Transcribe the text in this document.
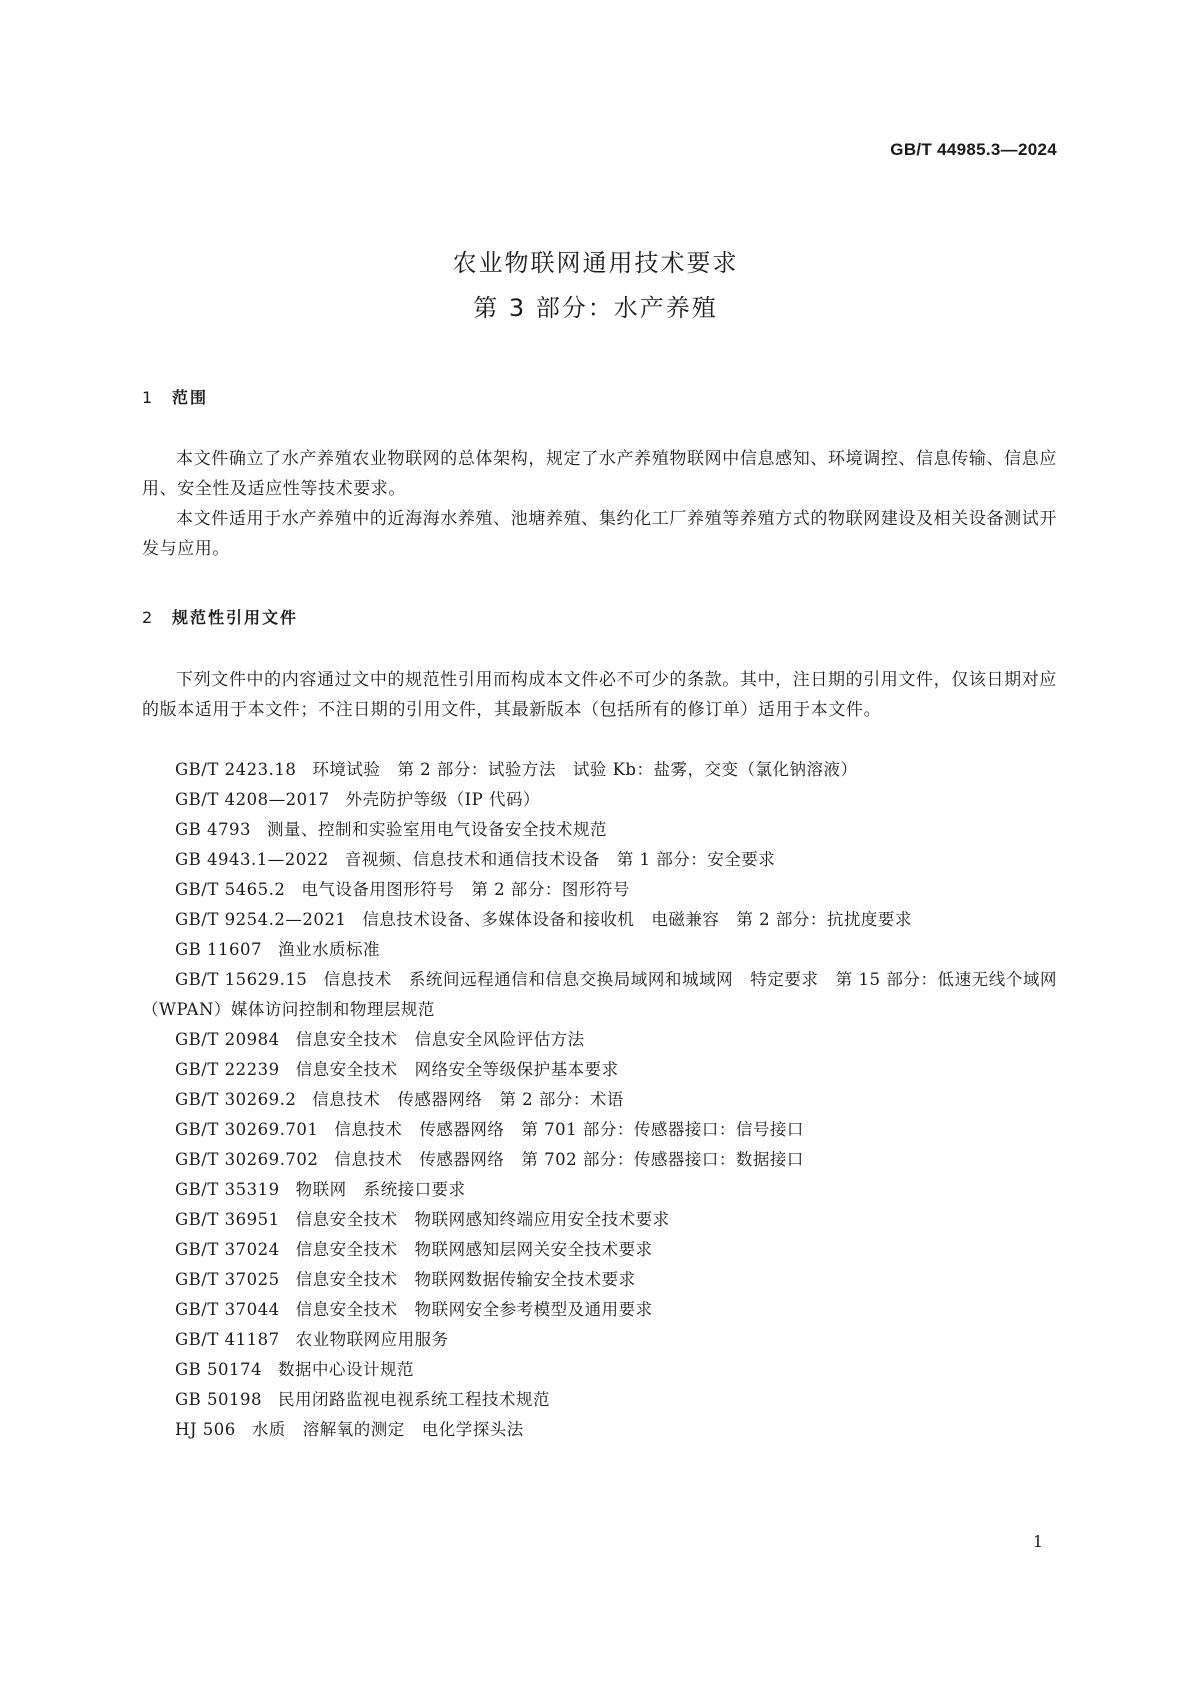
GB/T 44985.3—2024
农业物联网通用技术要求
第 3 部分：水产养殖
1 范围

本文件确立了水产养殖农业物联网的总体架构，规定了水产养殖物联网中信息感知、环境调控、信息传输、信息应用、安全性及适应性等技术要求。

本文件适用于水产养殖中的近海海水养殖、池塘养殖、集约化工厂养殖等养殖方式的物联网建设及相关设备测试开发与应用。

2 规范性引用文件

下列文件中的内容通过文中的规范性引用而构成本文件必不可少的条款。其中，注日期的引用文件，仅该日期对应的版本适用于本文件；不注日期的引用文件，其最新版本（包括所有的修订单）适用于本文件。

GB/T 2423.18 环境试验　第 2 部分：试验方法　试验 Kb：盐雾，交变（氯化钠溶液）
GB/T 4208—2017 外壳防护等级（IP 代码）
GB 4793 测量、控制和实验室用电气设备安全技术规范
GB 4943.1—2022 音视频、信息技术和通信技术设备　第 1 部分：安全要求
GB/T 5465.2 电气设备用图形符号　第 2 部分：图形符号
GB/T 9254.2—2021 信息技术设备、多媒体设备和接收机　电磁兼容　第 2 部分：抗扰度要求
GB 11607 渔业水质标准
GB/T 15629.15 信息技术　系统间远程通信和信息交换局域网和城域网　特定要求　第 15 部分：低速无线个域网（WPAN）媒体访问控制和物理层规范
GB/T 20984 信息安全技术　信息安全风险评估方法
GB/T 22239 信息安全技术　网络安全等级保护基本要求
GB/T 30269.2 信息技术　传感器网络　第 2 部分：术语
GB/T 30269.701 信息技术　传感器网络　第 701 部分：传感器接口：信号接口
GB/T 30269.702 信息技术　传感器网络　第 702 部分：传感器接口：数据接口
GB/T 35319 物联网　系统接口要求
GB/T 36951 信息安全技术　物联网感知终端应用安全技术要求
GB/T 37024 信息安全技术　物联网感知层网关安全技术要求
GB/T 37025 信息安全技术　物联网数据传输安全技术要求
GB/T 37044 信息安全技术　物联网安全参考模型及通用要求
GB/T 41187 农业物联网应用服务
GB 50174 数据中心设计规范
GB 50198 民用闭路监视电视系统工程技术规范
HJ 506 水质　溶解氧的测定　电化学探头法
1
